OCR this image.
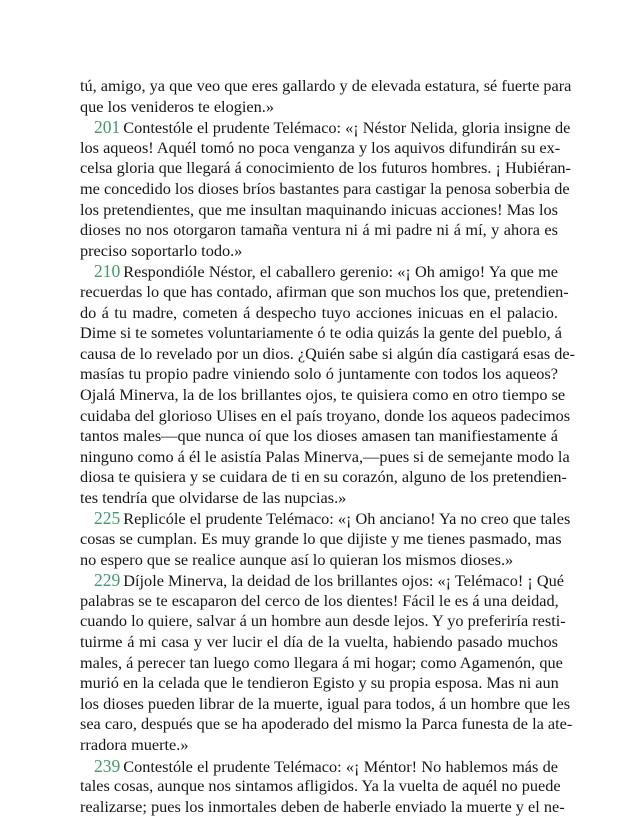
tú, amigo, ya que veo que eres gallardo y de elevada estatura, sé fuerte para
que los venideros te elogien.»
201 Contestóle el prudente Telémaco: «¡ Néstor Nelida, gloria insigne de
los aqueos! Aquél tomó no poca venganza y los aquivos difundirán su ex-
celsa gloria que llegará á conocimiento de los futuros hombres. ¡ Hubiéran-
me concedido los dioses bríos bastantes para castigar la penosa soberbia de
los pretendientes, que me insultan maquinando inicuas acciones! Mas los
dioses no nos otorgaron tamaña ventura ni á mi padre ni á mí, y ahora es
preciso soportarlo todo.»
210 Respondióle Néstor, el caballero gerenio: «¡ Oh amigo! Ya que me
recuerdas lo que has contado, afirman que son muchos los que, pretendien-
do á tu madre, cometen á despecho tuyo acciones inicuas en el palacio.
Dime si te sometes voluntariamente ó te odia quizás la gente del pueblo, á
causa de lo revelado por un dios. ¿Quién sabe si algún día castigará esas de-
masías tu propio padre viniendo solo ó juntamente con todos los aqueos?
Ojalá Minerva, la de los brillantes ojos, te quisiera como en otro tiempo se
cuidaba del glorioso Ulises en el país troyano, donde los aqueos padecimos
tantos males—que nunca oí que los dioses amasen tan manifiestamente á
ninguno como á él le asistía Palas Minerva,—pues si de semejante modo la
diosa te quisiera y se cuidara de ti en su corazón, alguno de los pretendien-
tes tendría que olvidarse de las nupcias.»
225 Replicóle el prudente Telémaco: «¡ Oh anciano! Ya no creo que tales
cosas se cumplan. Es muy grande lo que dijiste y me tienes pasmado, mas
no espero que se realice aunque así lo quieran los mismos dioses.»
229 Díjole Minerva, la deidad de los brillantes ojos: «¡ Telémaco! ¡ Qué
palabras se te escaparon del cerco de los dientes! Fácil le es á una deidad,
cuando lo quiere, salvar á un hombre aun desde lejos. Y yo preferiría resti-
tuirme á mi casa y ver lucir el día de la vuelta, habiendo pasado muchos
males, á perecer tan luego como llegara á mi hogar; como Agamenón, que
murió en la celada que le tendieron Egisto y su propia esposa. Mas ni aun
los dioses pueden librar de la muerte, igual para todos, á un hombre que les
sea caro, después que se ha apoderado del mismo la Parca funesta de la ate-
rradora muerte.»
239 Contestóle el prudente Telémaco: «¡ Méntor! No hablemos más de
tales cosas, aunque nos sintamos afligidos. Ya la vuelta de aquél no puede
realizarse; pues los inmortales deben de haberle enviado la muerte y el ne-
